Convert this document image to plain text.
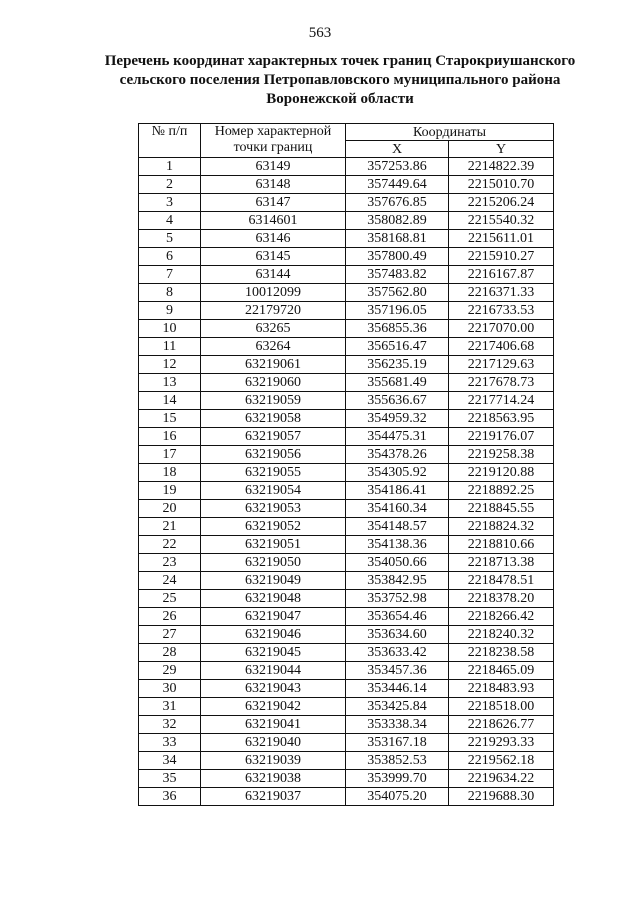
563
Перечень координат характерных точек границ Старокриушанского
сельского поселения Петропавловского муниципального района
Воронежской области
№ п/п	Номер характерной точки границ	Координаты	
		X	Y
1	63149	357253.86	2214822.39
2	63148	357449.64	2215010.70
3	63147	357676.85	2215206.24
4	6314601	358082.89	2215540.32
5	63146	358168.81	2215611.01
6	63145	357800.49	2215910.27
7	63144	357483.82	2216167.87
8	10012099	357562.80	2216371.33
9	22179720	357196.05	2216733.53
10	63265	356855.36	2217070.00
11	63264	356516.47	2217406.68
12	63219061	356235.19	2217129.63
13	63219060	355681.49	2217678.73
14	63219059	355636.67	2217714.24
15	63219058	354959.32	2218563.95
16	63219057	354475.31	2219176.07
17	63219056	354378.26	2219258.38
18	63219055	354305.92	2219120.88
19	63219054	354186.41	2218892.25
20	63219053	354160.34	2218845.55
21	63219052	354148.57	2218824.32
22	63219051	354138.36	2218810.66
23	63219050	354050.66	2218713.38
24	63219049	353842.95	2218478.51
25	63219048	353752.98	2218378.20
26	63219047	353654.46	2218266.42
27	63219046	353634.60	2218240.32
28	63219045	353633.42	2218238.58
29	63219044	353457.36	2218465.09
30	63219043	353446.14	2218483.93
31	63219042	353425.84	2218518.00
32	63219041	353338.34	2218626.77
33	63219040	353167.18	2219293.33
34	63219039	353852.53	2219562.18
35	63219038	353999.70	2219634.22
36	63219037	354075.20	2219688.30
